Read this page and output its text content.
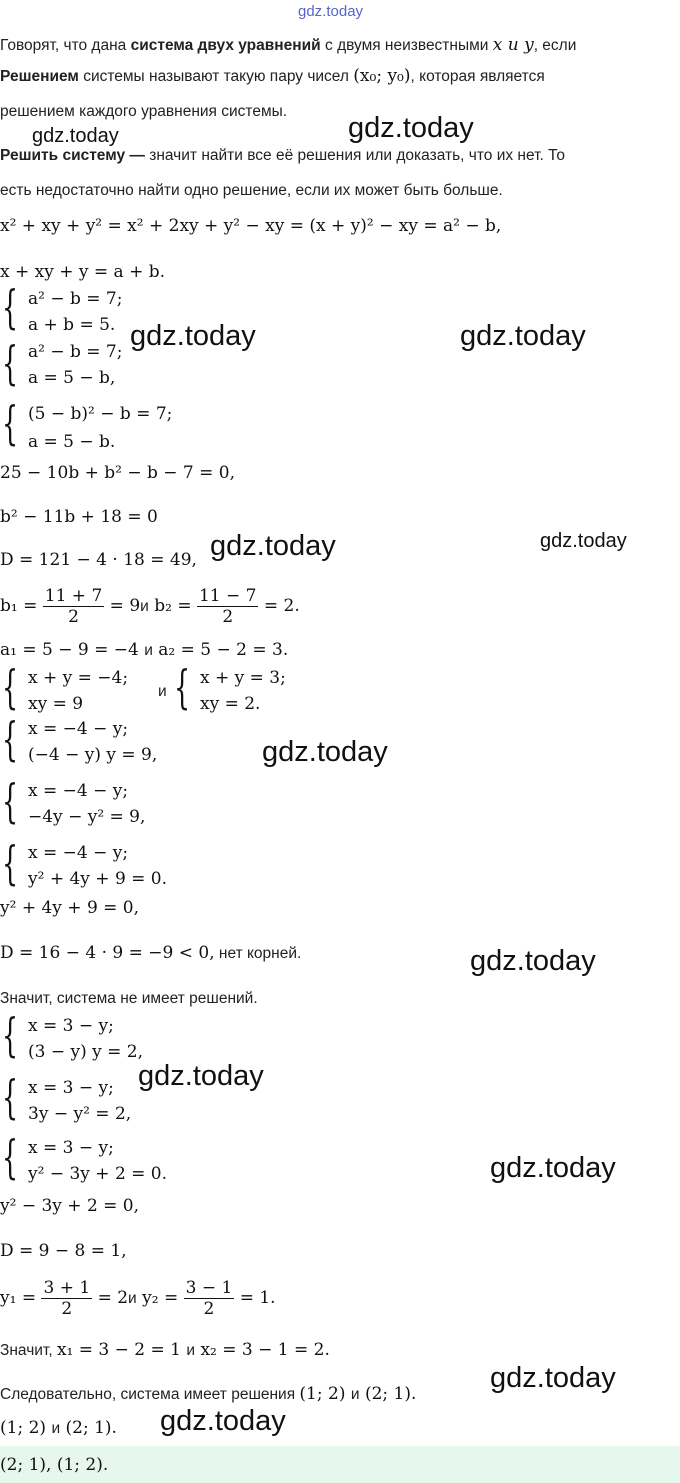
gdz.today
Говорят, что дана система двух уравнений с двумя неизвестными x и y, если
Решением системы называют такую пару чисел (x₀; y₀), которая является
решением каждого уравнения системы.
gdz.today	gdz.today
Решить систему — значит найти все её решения или доказать, что их нет. То
есть недостаточно найти одно решение, если их может быть больше.
x² + xy + y² = x² + 2xy + y² − xy = (x + y)² − xy = a² − b,
x + xy + y = a + b.
{ a² − b = 7;
a + b = 5.
{ a² − b = 7;
a = 5 − b,
gdz.today	gdz.today
{ (5 − b)² − b = 7;
a = 5 − b.
25 − 10b + b² − b − 7 = 0,
b² − 11b + 18 = 0
D = 121 − 4 · 18 = 49, gdz.today	gdz.today
$b_1 = \frac{11 + 7}{2} = 9и$ $b_2 = \frac{11 - 7}{2} = 2$.
a₁ = 5 − 9 = −4 и a₂ = 5 − 2 = 3.
{ x + y = −4;
xy = 9
и { x + y = 3;
xy = 2.
{ x = −4 − y;
(−4 − y) y = 9,	gdz.today
{ x = −4 − y;
−4y − y² = 9,
{ x = −4 − y;
y² + 4y + 9 = 0.
y² + 4y + 9 = 0,
D = 16 − 4 · 9 = −9 < 0, нет корней.	gdz.today
Значит, система не имеет решений.
{ x = 3 − y;
(3 − y) y = 2,
gdz.today
{ x = 3 − y;
3y − y² = 2,
{ x = 3 − y;
y² − 3y + 2 = 0.	gdz.today
y² − 3y + 2 = 0,
D = 9 − 8 = 1,
$y_1 = \frac{3 + 1}{2} = 2и$ $y_2 = \frac{3 - 1}{2} = 1$.
Значит, x₁ = 3 − 2 = 1 и x₂ = 3 − 1 = 2.
Следовательно, система имеет решения (1; 2) и (2; 1).	gdz.today
(1; 2) и (2; 1). gdz.today
(2; 1), (1; 2).
